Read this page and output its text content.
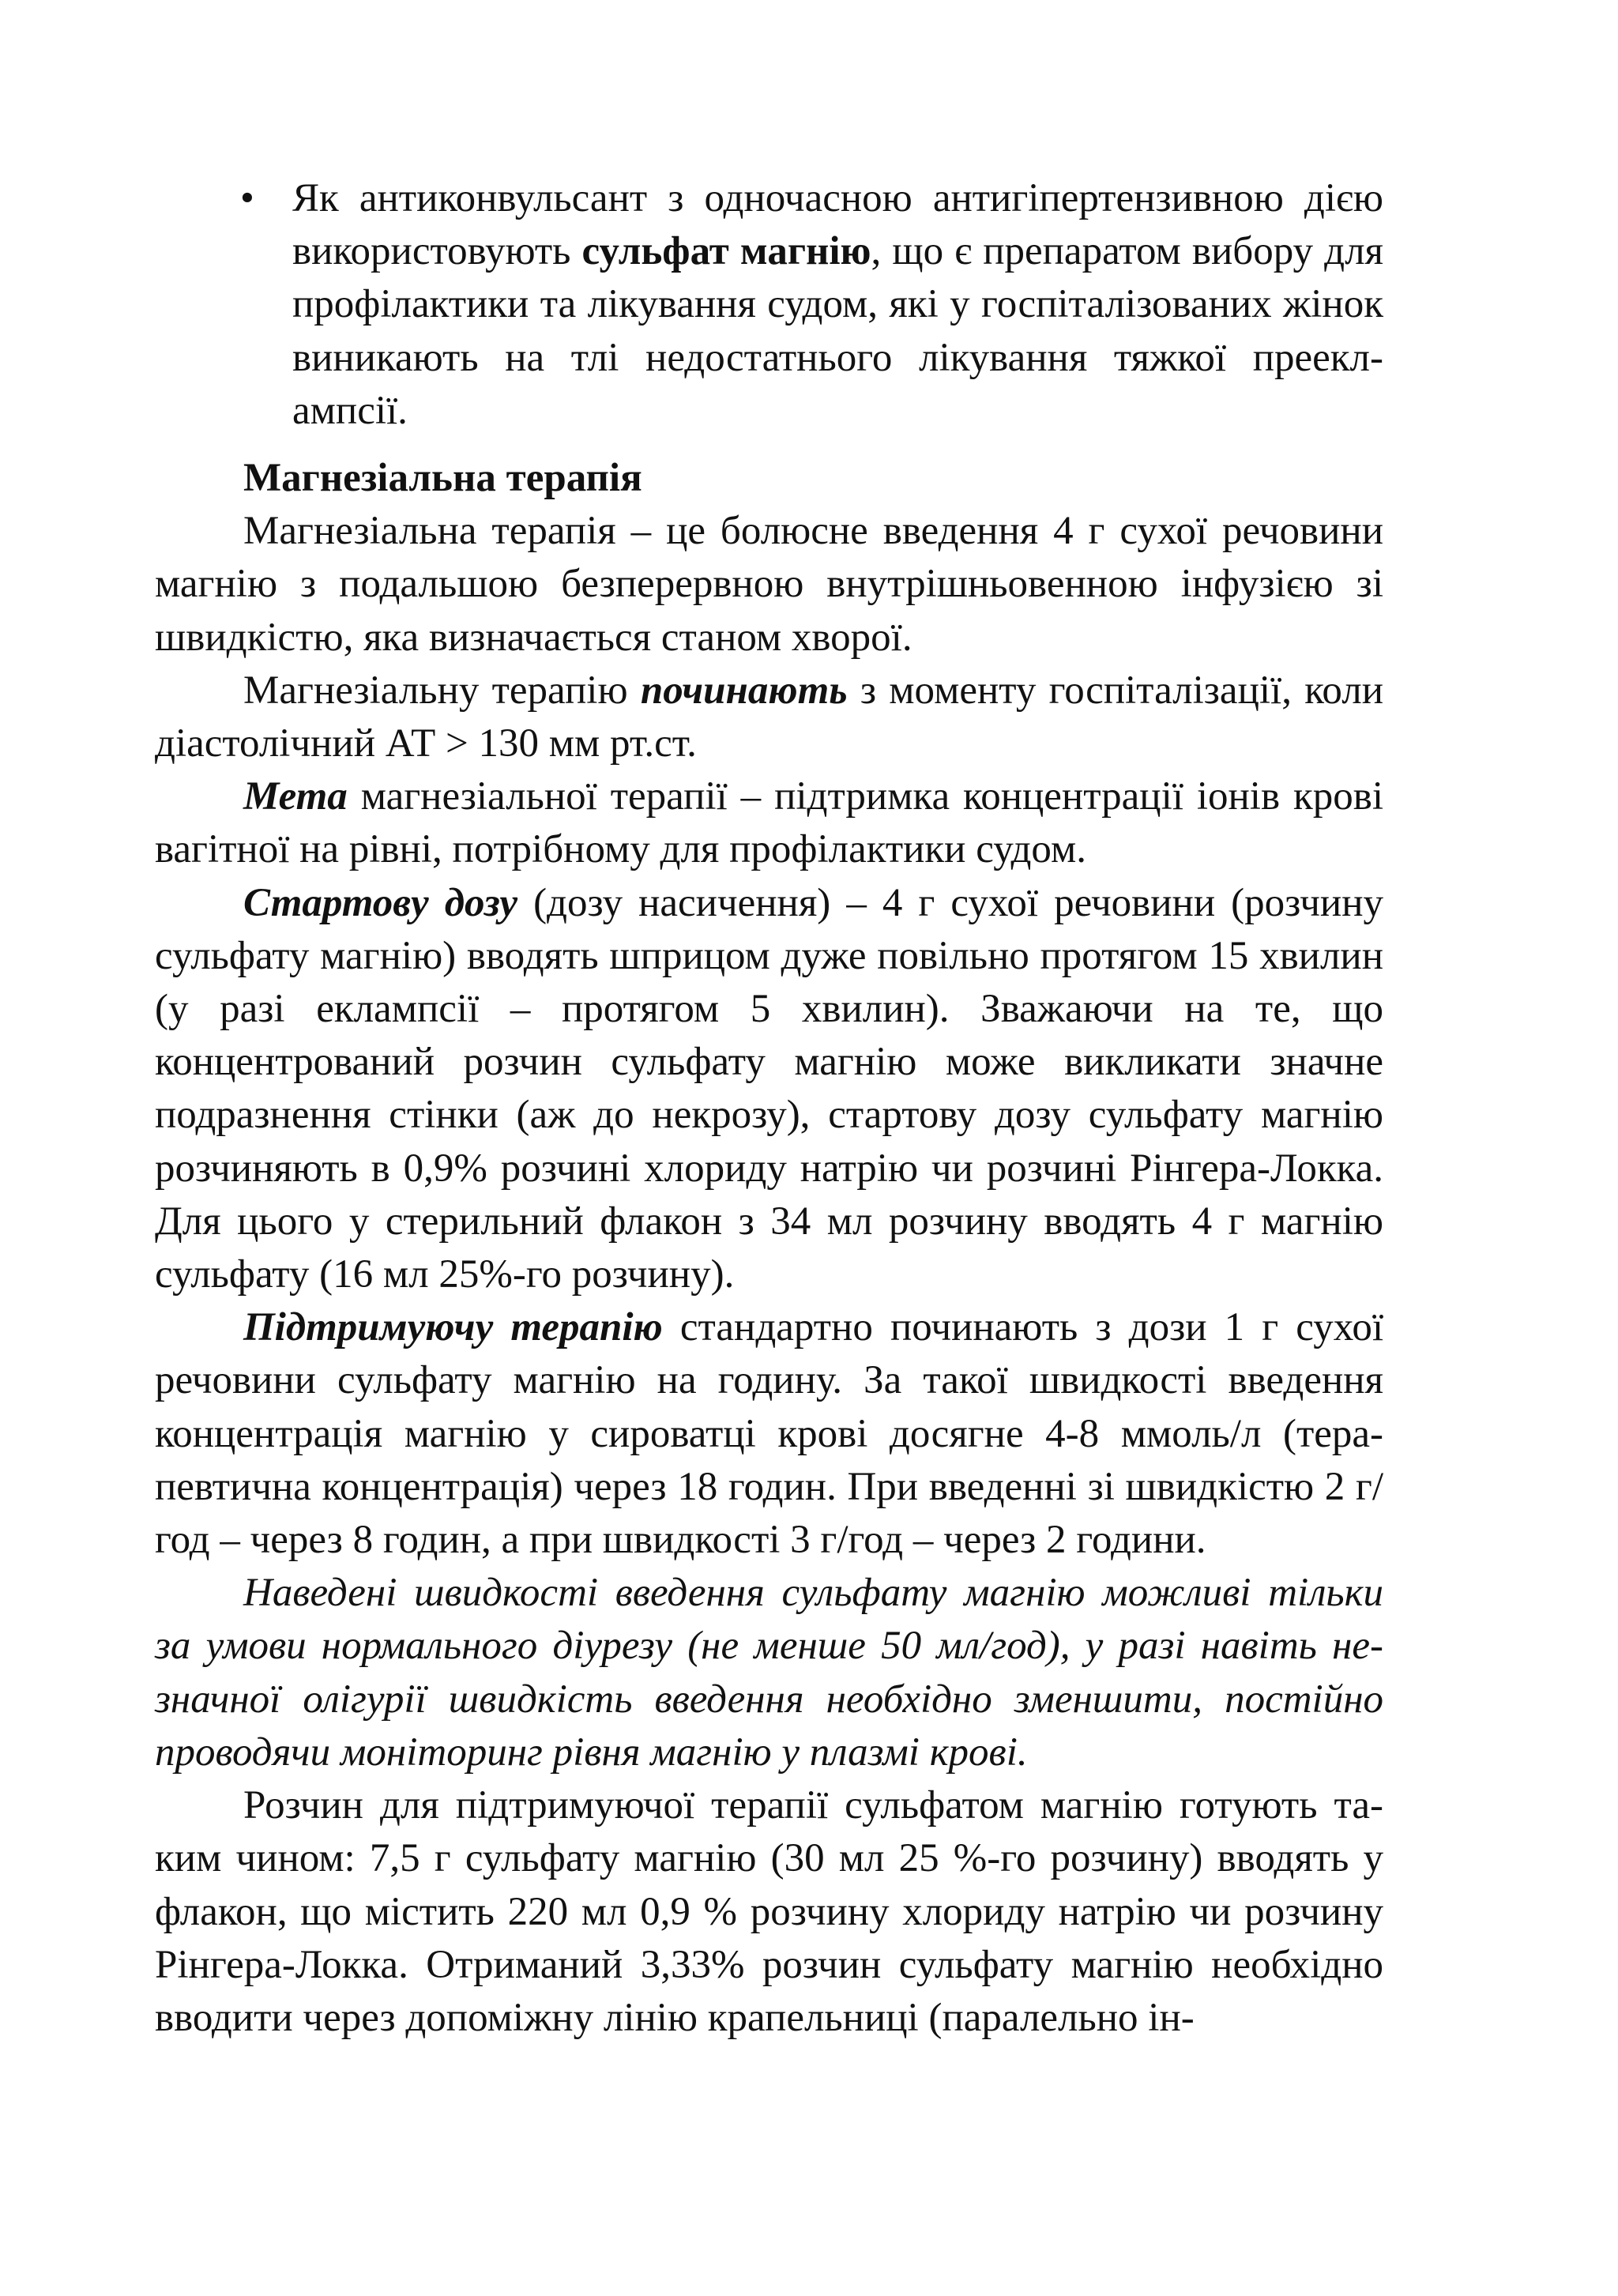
• Як антиконвульсант з одночасною антигіпертензивною дією використовують сульфат магнію, що є препаратом вибору для профілактики та лікування судом, які у госпіталізованих жінок виникають на тлі недостатнього лікування тяжкої прееклампсії.

Магнезіальна терапія

Магнезіальна терапія – це болюсне введення 4 г сухої речовини магнію з подальшою безперервною внутрішньовенною інфузією зі швидкістю, яка визначається станом хворої.

Магнезіальну терапію починають з моменту госпіталізації, коли діастолічний АТ > 130 мм рт.ст.

Мета магнезіальної терапії – підтримка концентрації іонів крові вагітної на рівні, потрібному для профілактики судом.

Стартову дозу (дозу насичення) – 4 г сухої речовини (розчину сульфату магнію) вводять шприцом дуже повільно протягом 15 хвилин (у разі еклампсії – протягом 5 хвилин). Зважаючи на те, що концентрований розчин сульфату магнію може викликати значне подразнення стінки (аж до некрозу), стартову дозу сульфату магнію розчиняють в 0,9% розчині хлориду натрію чи розчині Рінгера-Локка. Для цього у стерильний флакон з 34 мл розчину вводять 4 г магнію сульфату (16 мл 25%-го розчину).

Підтримуючу терапію стандартно починають з дози 1 г сухої речовини сульфату магнію на годину. За такої швидкості введення концентрація магнію у сироватці крові досягне 4-8 ммоль/л (терапевтична концентрація) через 18 годин. При введенні зі швидкістю 2 г/год – через 8 годин, а при швидкості 3 г/год – через 2 години.

Наведені швидкості введення сульфату магнію можливі тільки за умови нормального діурезу (не менше 50 мл/год), у разі навіть незначної олігурії швидкість введення необхідно зменшити, постійно проводячи моніторинг рівня магнію у плазмі крові.

Розчин для підтримуючої терапії сульфатом магнію готують таким чином: 7,5 г сульфату магнію (30 мл 25 %-го розчину) вводять у флакон, що містить 220 мл 0,9 % розчину хлориду натрію чи розчину Рінгера-Локка. Отриманий 3,33% розчин сульфату магнію необхідно вводити через допоміжну лінію крапельниці (паралельно ін-
